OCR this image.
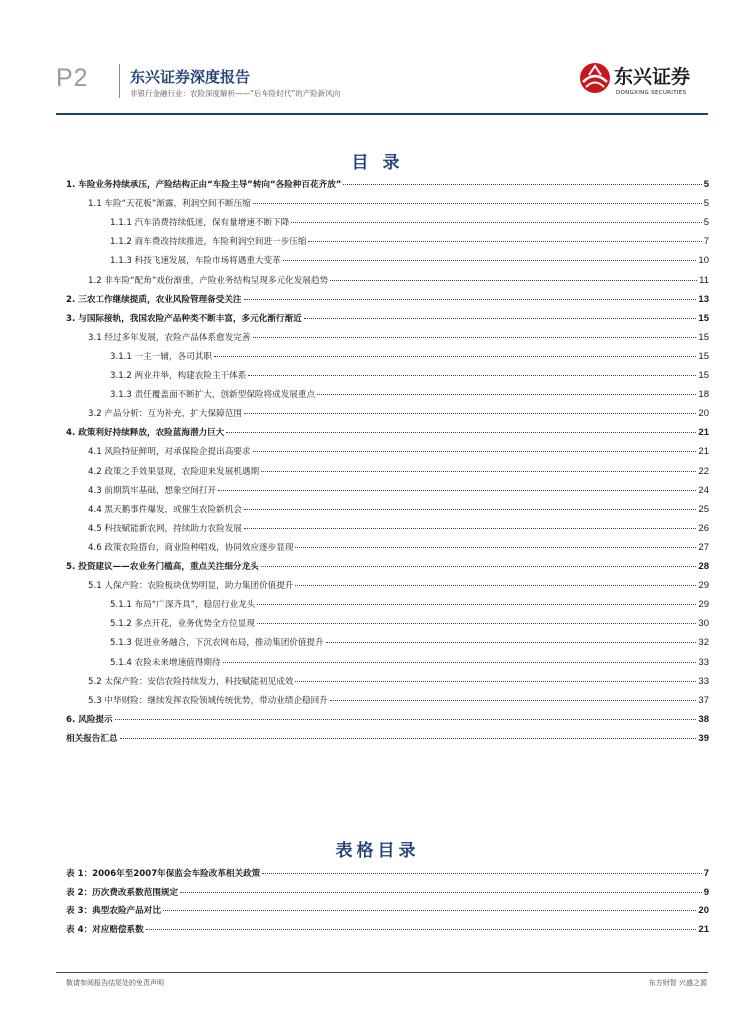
P2	东兴证券深度报告
非银行金融行业：农险深度解析——“后车险时代”的产险新风向
东兴证券
DONGXING SECURITIES
目 录
1. 车险业务持续承压，产险结构正由“车险主导”转向“各险种百花齐放”	5
1.1 车险“天花板”渐露，利润空间不断压缩	5
1.1.1 汽车消费持续低迷，保有量增速不断下降	5
1.1.2 商车费改持续推进，车险利润空间进一步压缩	7
1.1.3 科技飞速发展，车险市场将遇重大变革	10
1.2 非车险“配角”戏份渐重，产险业务结构呈现多元化发展趋势	11
2. 三农工作继续提质，农业风险管理备受关注	13
3. 与国际接轨，我国农险产品种类不断丰富，多元化渐行渐近	15
3.1 经过多年发展，农险产品体系愈发完善	15
3.1.1 一主一辅，各司其职	15
3.1.2 两业并举，构建农险主干体系	15
3.1.3 责任覆盖面不断扩大，创新型保险将成发展重点	18
3.2 产品分析：互为补充，扩大保障范围	20
4. 政策利好持续释放，农险蓝海潜力巨大	21
4.1 风险特征鲜明，对承保险企提出高要求	21
4.2 政策之手效果显现，农险迎来发展机遇期	22
4.3 前期筑牢基础，想象空间打开	24
4.4 黑天鹅事件爆发，或催生农险新机会	25
4.5 科技赋能新农网，持续助力农险发展	26
4.6 政策农险搭台，商业险种唱戏，协同效应逐步显现	27
5. 投资建议——农业务门槛高，重点关注细分龙头	28
5.1 人保产险：农险板块优势明显，助力集团价值提升	29
5.1.1 布局“广深齐具”，稳居行业龙头	29
5.1.2 多点开花，业务优势全方位显现	30
5.1.3 促进业务融合，下沉农网布局，推动集团价值提升	32
5.1.4 农险未来增速值得期待	33
5.2 太保产险：安信农险持续发力，科技赋能初见成效	33
5.3 中华财险：继续发挥农险领域传统优势，带动业绩企稳回升	37
6. 风险提示	38
相关报告汇总	39
表格目录
表 1：2006年至2007年保监会车险改革相关政策	7
表 2：历次费改系数范围规定	9
表 3：典型农险产品对比	20
表 4：对应赔偿系数	21
敬请参阅报告结尾处的免责声明	东方财智 兴盛之源
